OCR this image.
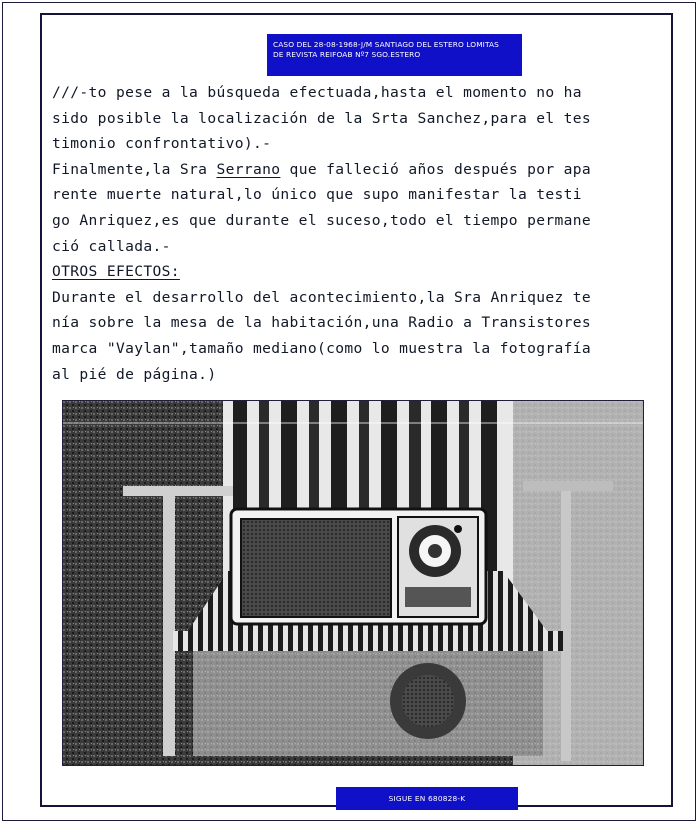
CASO DEL 28-08-1968-J/M SANTIAGO DEL ESTERO LOMITAS
DE REVISTA REIFOAB Nº7 SGO.ESTERO
///-to pese a la búsqueda efectuada,hasta el momento no ha
sido posible la localización de la Srta Sanchez,para el tes
timonio confrontativo).-
Finalmente,la Sra Serrano que falleció años después por apa
rente muerte natural,lo único que supo manifestar la testi
go Anriquez,es que durante el suceso,todo el tiempo permane
ció callada.-
OTROS EFECTOS:
Durante el desarrollo del acontecimiento,la Sra Anriquez te
nía sobre la mesa de la habitación,una Radio a Transistores
marca "Vaylan",tamaño mediano(como lo muestra la fotografía
al pié de página.)
SIGUE EN 680828-K
